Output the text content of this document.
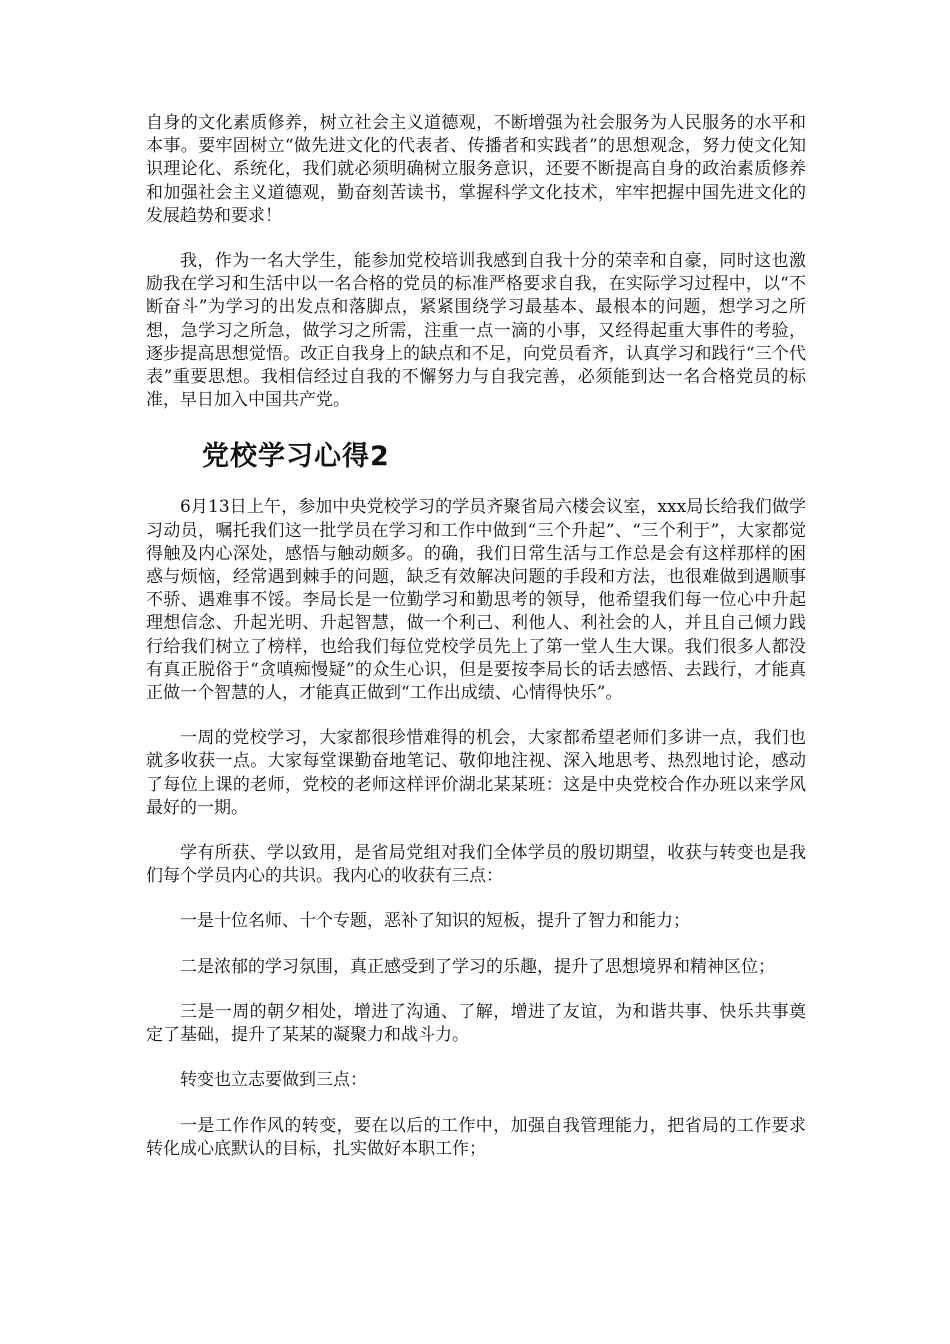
自身的文化素质修养，树立社会主义道德观，不断增强为社会服务为人民服务的水平和本事。要牢固树立“做先进文化的代表者、传播者和实践者”的思想观念，努力使文化知识理论化、系统化，我们就必须明确树立服务意识，还要不断提高自身的政治素质修养和加强社会主义道德观，勤奋刻苦读书，掌握科学文化技术，牢牢把握中国先进文化的发展趋势和要求！

我，作为一名大学生，能参加党校培训我感到自我十分的荣幸和自豪，同时这也激励我在学习和生活中以一名合格的党员的标准严格要求自我，在实际学习过程中，以“不断奋斗”为学习的出发点和落脚点，紧紧围绕学习最基本、最根本的问题，想学习之所想，急学习之所急，做学习之所需，注重一点一滴的小事，又经得起重大事件的考验，逐步提高思想觉悟。改正自我身上的缺点和不足，向党员看齐，认真学习和践行“三个代表”重要思想。我相信经过自我的不懈努力与自我完善，必须能到达一名合格党员的标准，早日加入中国共产党。

党校学习心得2

6月13日上午，参加中央党校学习的学员齐聚省局六楼会议室，xxx局长给我们做学习动员，嘱托我们这一批学员在学习和工作中做到“三个升起”、“三个利于”，大家都觉得触及内心深处，感悟与触动颇多。的确，我们日常生活与工作总是会有这样那样的困惑与烦恼，经常遇到棘手的问题，缺乏有效解决问题的手段和方法，也很难做到遇顺事不骄、遇难事不馁。李局长是一位勤学习和勤思考的领导，他希望我们每一位心中升起理想信念、升起光明、升起智慧，做一个利己、利他人、利社会的人，并且自己倾力践行给我们树立了榜样，也给我们每位党校学员先上了第一堂人生大课。我们很多人都没有真正脱俗于“贪嗔痴慢疑”的众生心识，但是要按李局长的话去感悟、去践行，才能真正做一个智慧的人，才能真正做到“工作出成绩、心情得快乐”。

一周的党校学习，大家都很珍惜难得的机会，大家都希望老师们多讲一点，我们也就多收获一点。大家每堂课勤奋地笔记、敬仰地注视、深入地思考、热烈地讨论，感动了每位上课的老师，党校的老师这样评价湖北某某班：这是中央党校合作办班以来学风最好的一期。

学有所获、学以致用，是省局党组对我们全体学员的殷切期望，收获与转变也是我们每个学员内心的共识。我内心的收获有三点：

一是十位名师、十个专题，恶补了知识的短板，提升了智力和能力；

二是浓郁的学习氛围，真正感受到了学习的乐趣，提升了思想境界和精神区位；

三是一周的朝夕相处，增进了沟通、了解，增进了友谊，为和谐共事、快乐共事奠定了基础，提升了某某的凝聚力和战斗力。

转变也立志要做到三点：

一是工作作风的转变，要在以后的工作中，加强自我管理能力，把省局的工作要求转化成心底默认的目标，扎实做好本职工作；
